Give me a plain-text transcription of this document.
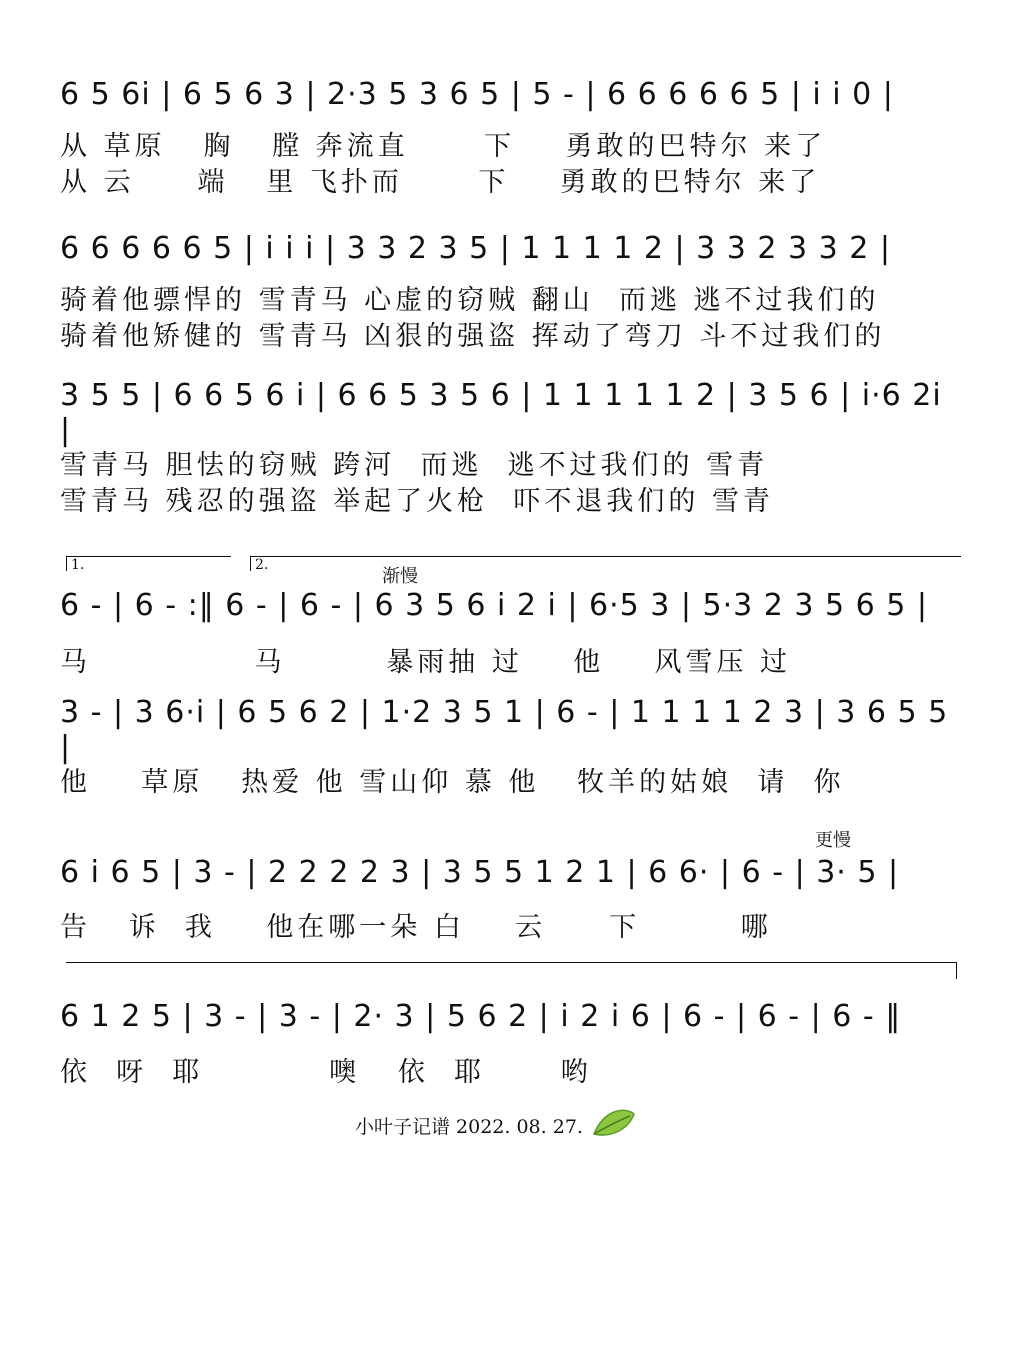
6 5 6i | 6 5 6 3 | 2·3 5 3 6 5 | 5 - | 6 6 6 6 6 5 | i i 0 |
从 草原   胸   膛 奔流直      下    勇敢的巴特尔 来了
从 云     端   里 飞扑而      下    勇敢的巴特尔 来了
6 6 6 6 6 5 | i i i | 3 3 2 3 5 | 1 1 1 1 2 | 3 3 2 3 3 2 |
骑着他骠悍的 雪青马 心虚的窃贼 翻山  而逃 逃不过我们的
骑着他矫健的 雪青马 凶狠的强盗 挥动了弯刀 斗不过我们的
3 5 5 | 6 6 5 6 i | 6 6 5 3 5 6 | 1 1 1 1 1 2 | 3 5 6 | i·6 2i |
雪青马 胆怯的窃贼 跨河  而逃  逃不过我们的 雪青
雪青马 残忍的强盗 举起了火枪  吓不退我们的 雪青
1.	2.
渐慢
6 - | 6 - :‖ 6 - | 6 - | 6 3 5 6 i 2 i | 6·5 3 | 5·3 2 3 5 6 5 |
马             马        暴雨抽 过    他    风雪压 过
3 - | 3 6·i | 6 5 6 2 | 1·2 3 5 1 | 6 - | 1 1 1 1 2 3 | 3 6 5 5 |
他    草原   热爱 他 雪山仰 慕 他   牧羊的姑娘  请  你
更慢
6 i 6 5 | 3 - | 2 2 2 2 3 | 3 5 5 1 2 1 | 6 6· | 6 - | 3· 5 |
告   诉  我    他在哪一朵 白    云     下        哪
6 1 2 5 | 3 - | 3 - | 2· 3 | 5 6 2 | i 2 i 6 | 6 - | 6 - | 6 - ‖
依  呀  耶          噢   依  耶      哟
小叶子记谱 2022. 08. 27.
